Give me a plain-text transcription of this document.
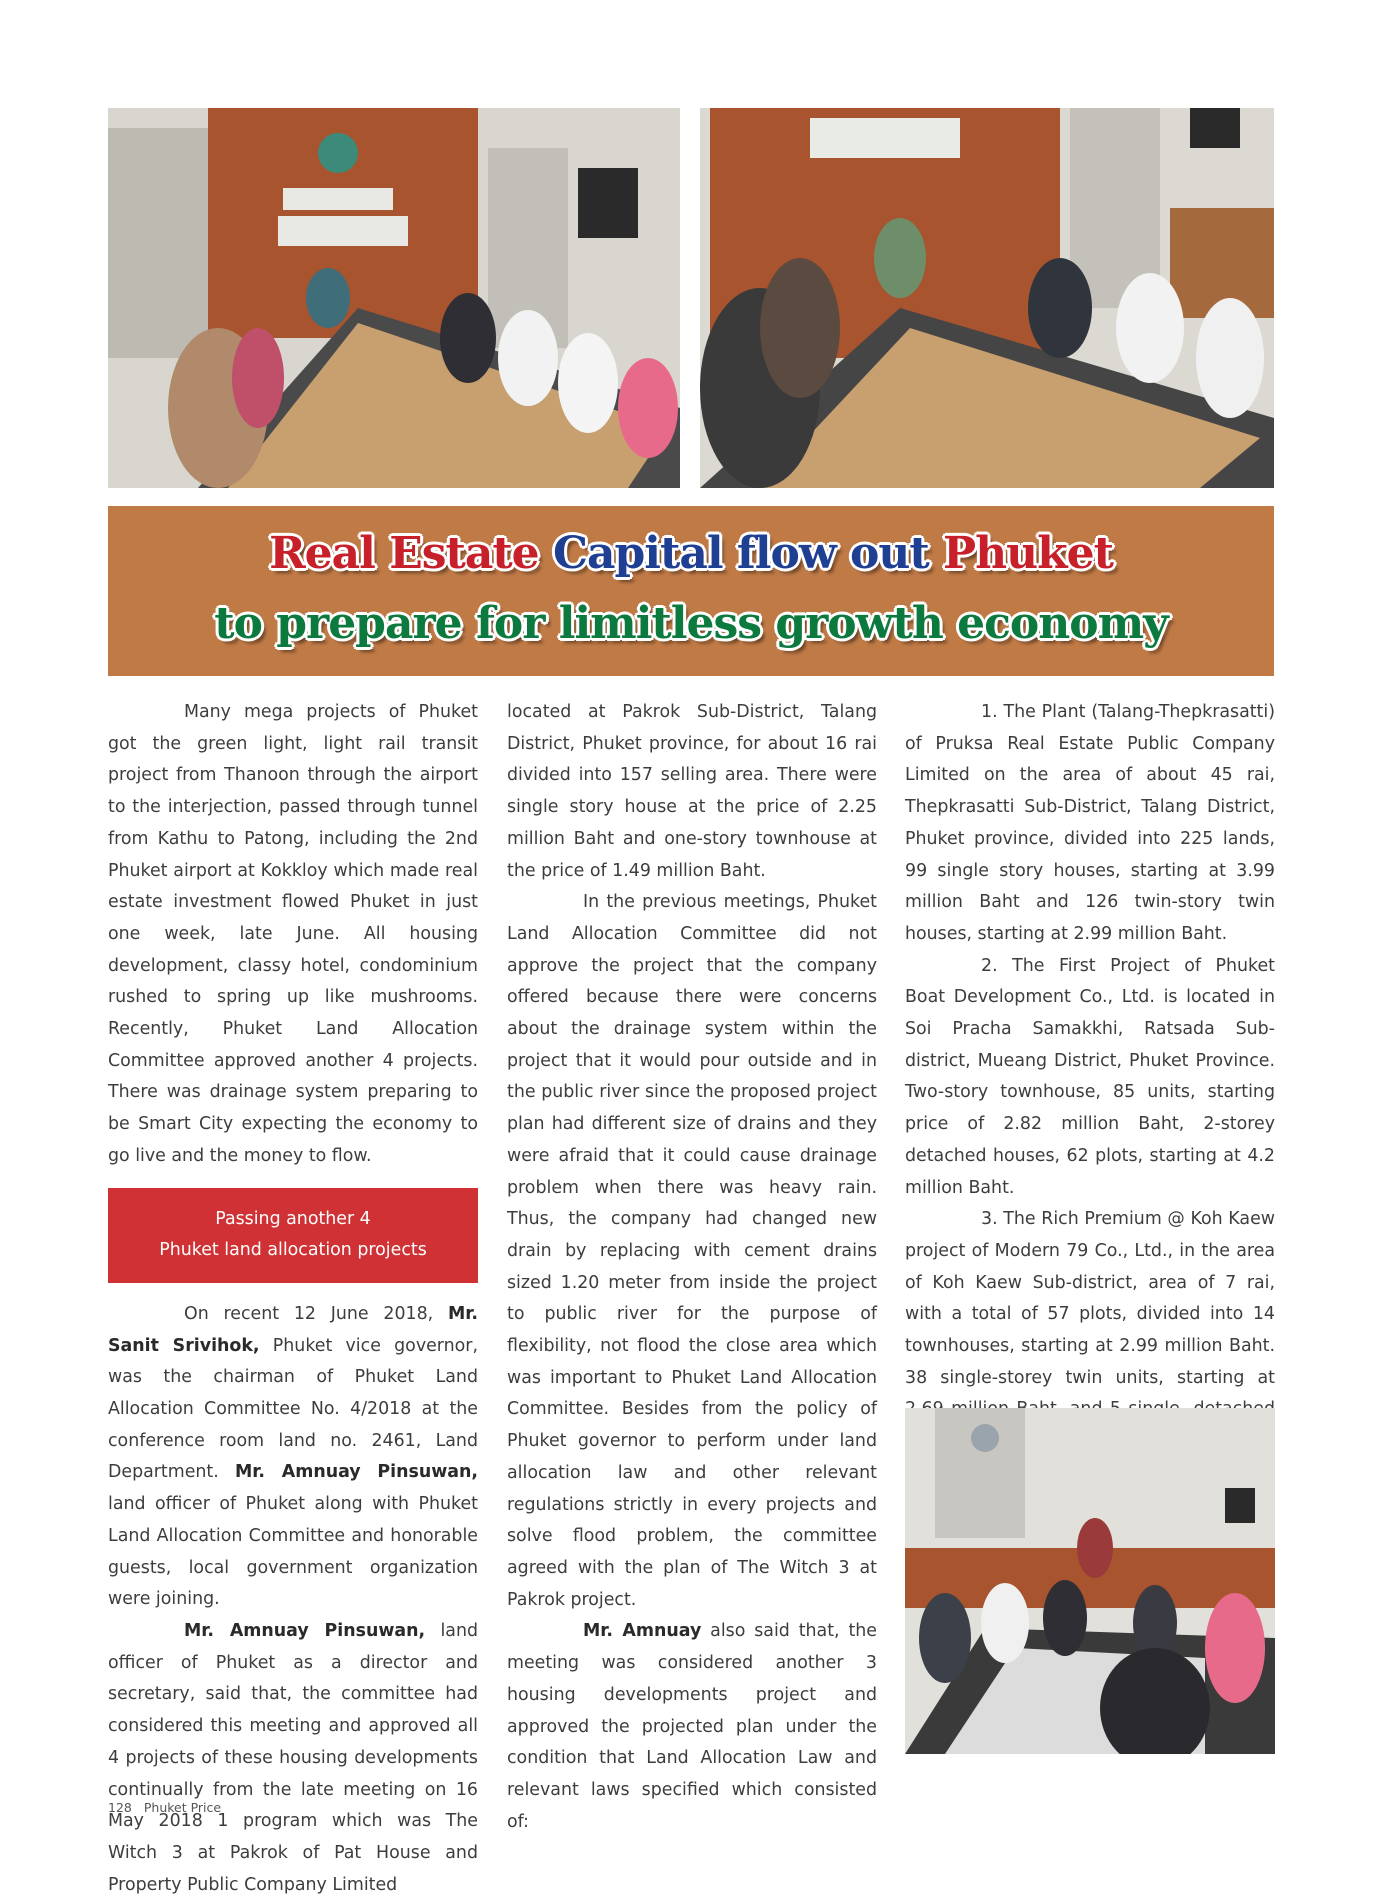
Real Estate Capital flow out Phuket
to prepare for limitless growth economy

Many mega projects of Phuket got the green light, light rail transit project from Thanoon through the airport to the interjection, passed through tunnel from Kathu to Patong, including the 2nd Phuket airport at Kokkloy which made real estate investment flowed Phuket in just one week, late June. All housing development, classy hotel, condominium rushed to spring up like mushrooms. Recently, Phuket Land Allocation Committee approved another 4 projects. There was drainage system preparing to be Smart City expecting the economy to go live and the money to flow.

Passing another 4
Phuket land allocation projects

On recent 12 June 2018, Mr. Sanit Srivihok, Phuket vice governor, was the chairman of Phuket Land Allocation Committee No. 4/2018 at the conference room land no. 2461, Land Department. Mr. Amnuay Pinsuwan, land officer of Phuket along with Phuket Land Allocation Committee and honorable guests, local government organization were joining.

Mr. Amnuay Pinsuwan, land officer of Phuket as a director and secretary, said that, the committee had considered this meeting and approved all 4 projects of these housing developments continually from the late meeting on 16 May 2018 1 program which was The Witch 3 at Pakrok of Pat House and Property Public Company Limited

located at Pakrok Sub-District, Talang District, Phuket province, for about 16 rai divided into 157 selling area. There were single story house at the price of 2.25 million Baht and one-story townhouse at the price of 1.49 million Baht.

In the previous meetings, Phuket Land Allocation Committee did not approve the project that the company offered because there were concerns about the drainage system within the project that it would pour outside and in the public river since the proposed project plan had different size of drains and they were afraid that it could cause drainage problem when there was heavy rain. Thus, the company had changed new drain by replacing with cement drains sized 1.20 meter from inside the project to public river for the purpose of flexibility, not flood the close area which was important to Phuket Land Allocation Committee. Besides from the policy of Phuket governor to perform under land allocation law and other relevant regulations strictly in every projects and solve flood problem, the committee agreed with the plan of The Witch 3 at Pakrok project.

Mr. Amnuay also said that, the meeting was considered another 3 housing developments project and approved the projected plan under the condition that Land Allocation Law and relevant laws specified which consisted of:

1. The Plant (Talang-Thepkrasatti) of Pruksa Real Estate Public Company Limited on the area of about 45 rai, Thepkrasatti Sub-District, Talang District, Phuket province, divided into 225 lands, 99 single story houses, starting at 3.99 million Baht and 126 twin-story twin houses, starting at 2.99 million Baht.

2. The First Project of Phuket Boat Development Co., Ltd. is located in Soi Pracha Samakkhi, Ratsada Sub-district, Mueang District, Phuket Province. Two-story townhouse, 85 units, starting price of 2.82 million Baht, 2-storey detached houses, 62 plots, starting at 4.2 million Baht.

3. The Rich Premium @ Koh Kaew project of Modern 79 Co., Ltd., in the area of Koh Kaew Sub-district, area of 7 rai, with a total of 57 plots, divided into 14 townhouses, starting at 2.99 million Baht. 38 single-storey twin units, starting at

128 Phuket Price
